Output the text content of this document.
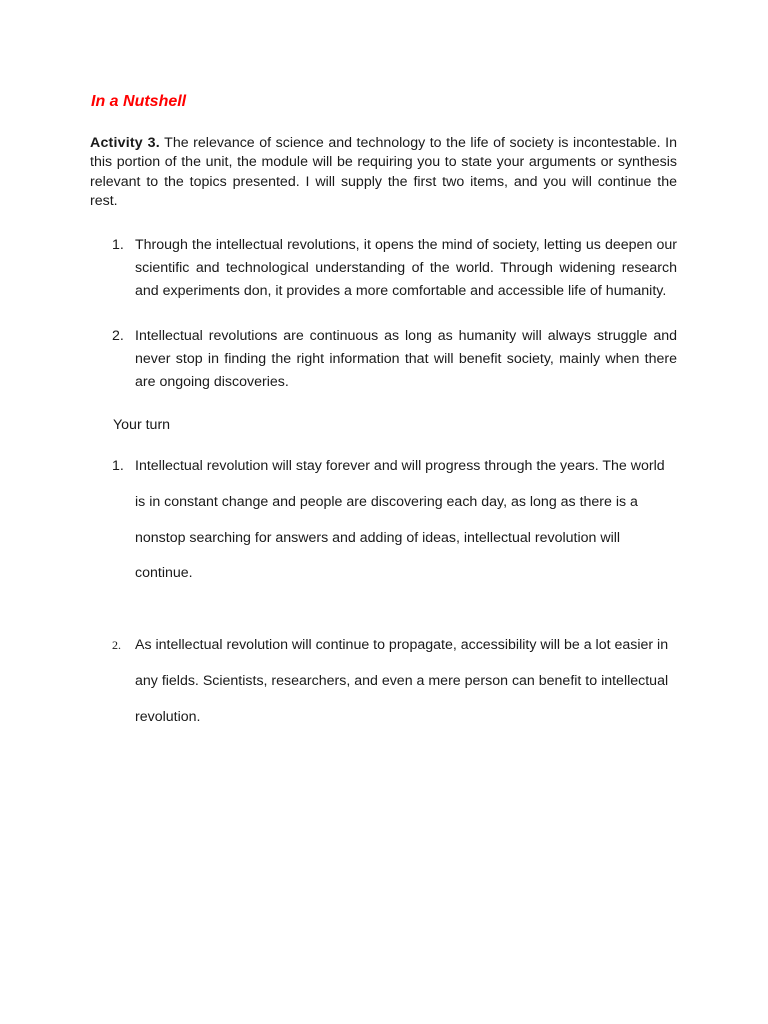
In a Nutshell

Activity 3. The relevance of science and technology to the life of society is incontestable. In this portion of the unit, the module will be requiring you to state your arguments or synthesis relevant to the topics presented. I will supply the first two items, and you will continue the rest.

1. Through the intellectual revolutions, it opens the mind of society, letting us deepen our scientific and technological understanding of the world. Through widening research and experiments don, it provides a more comfortable and accessible life of humanity.
2. Intellectual revolutions are continuous as long as humanity will always struggle and never stop in finding the right information that will benefit society, mainly when there are ongoing discoveries.

Your turn

1. Intellectual revolution will stay forever and will progress through the years. The world is in constant change and people are discovering each day, as long as there is a nonstop searching for answers and adding of ideas, intellectual revolution will continue.
2. As intellectual revolution will continue to propagate, accessibility will be a lot easier in any fields. Scientists, researchers, and even a mere person can benefit to intellectual revolution.
